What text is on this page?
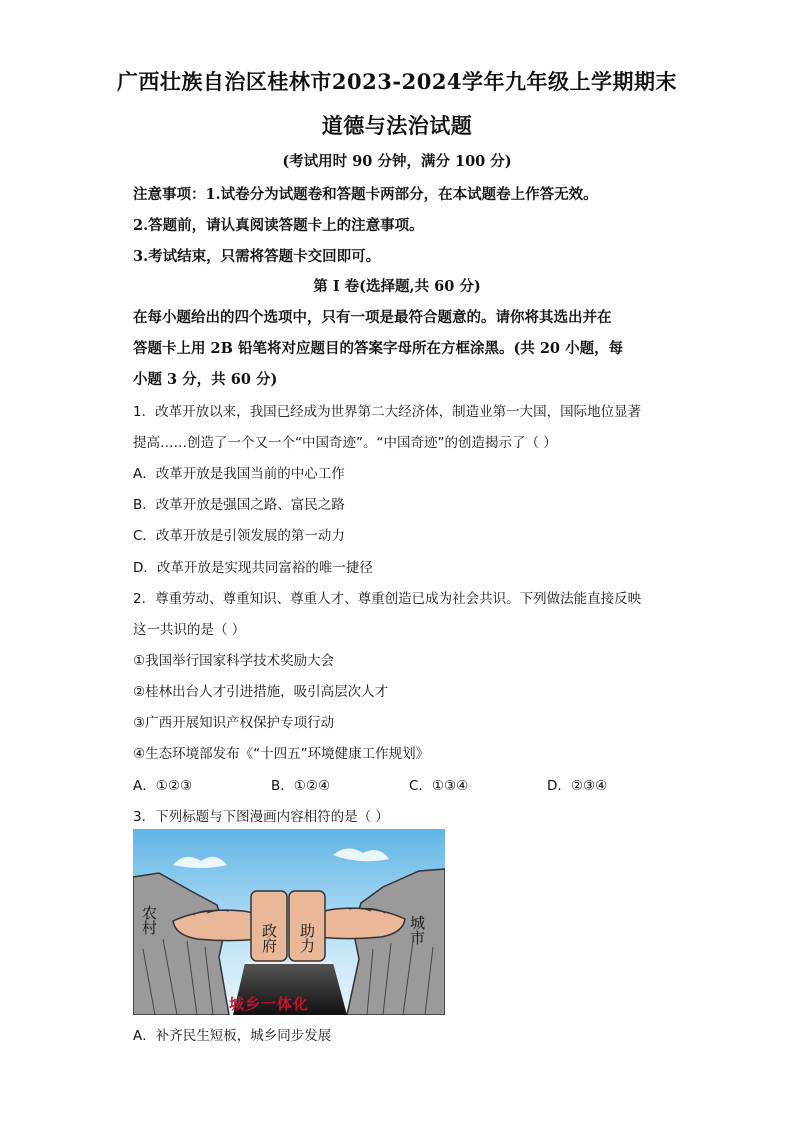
广西壮族自治区桂林市2023-2024学年九年级上学期期末
道德与法治试题
(考试用时 90 分钟，满分 100 分)
注意事项：1.试卷分为试题卷和答题卡两部分，在本试题卷上作答无效。
2.答题前，请认真阅读答题卡上的注意事项。
3.考试结束，只需将答题卡交回即可。
第 I 卷(选择题,共 60 分)
在每小题给出的四个选项中，只有一项是最符合题意的。请你将其选出并在
答题卡上用 2B 铅笔将对应题目的答案字母所在方框涂黑。(共 20 小题，每
小题 3 分，共 60 分)
1．改革开放以来，我国已经成为世界第二大经济体，制造业第一大国，国际地位显著
提高……创造了一个又一个“中国奇迹”。“中国奇迹”的创造揭示了（ ）
A．改革开放是我国当前的中心工作
B．改革开放是强国之路、富民之路
C．改革开放是引领发展的第一动力
D．改革开放是实现共同富裕的唯一捷径
2．尊重劳动、尊重知识、尊重人才、尊重创造已成为社会共识。下列做法能直接反映
这一共识的是（ ）
①我国举行国家科学技术奖励大会
②桂林出台人才引进措施，吸引高层次人才
③广西开展知识产权保护专项行动
④生态环境部发布《“十四五”环境健康工作规划》
A．①②③	B．①②④	C．①③④	D．②③④
3．下列标题与下图漫画内容相符的是（ ）
农村	城市
政府 助力
城乡一体化
A．补齐民生短板，城乡同步发展
